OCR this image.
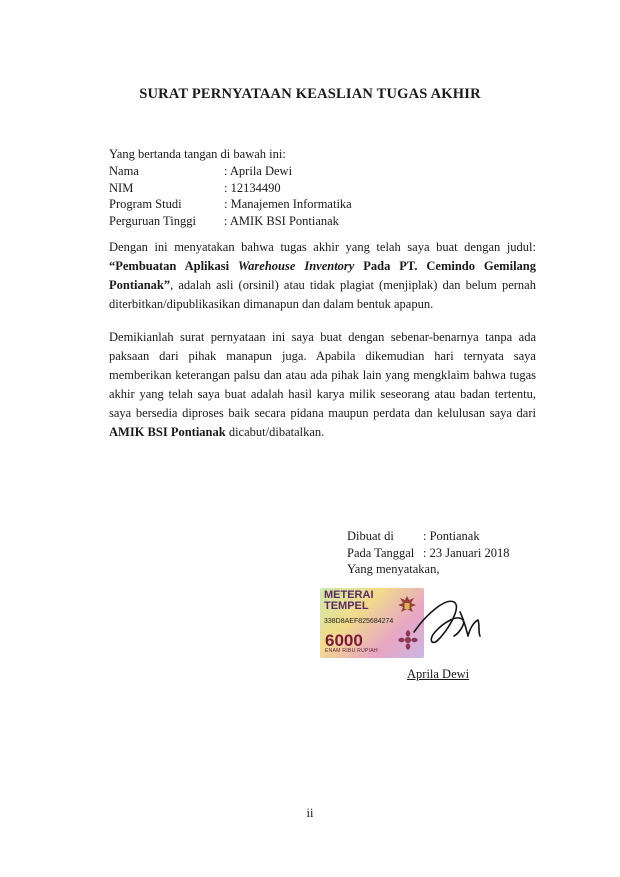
SURAT PERNYATAAN KEASLIAN TUGAS AKHIR
Yang bertanda tangan di bawah ini:
Nama	: Aprila Dewi
NIM	: 12134490
Program Studi	: Manajemen Informatika
Perguruan Tinggi : AMIK BSI Pontianak
Dengan ini menyatakan bahwa tugas akhir yang telah saya buat dengan judul: “Pembuatan Aplikasi Warehouse Inventory Pada PT. Cemindo Gemilang Pontianak”, adalah asli (orsinil) atau tidak plagiat (menjiplak) dan belum pernah diterbitkan/dipublikasikan dimanapun dan dalam bentuk apapun.
Demikianlah surat pernyataan ini saya buat dengan sebenar-benarnya tanpa ada paksaan dari pihak manapun juga. Apabila dikemudian hari ternyata saya memberikan keterangan palsu dan atau ada pihak lain yang mengklaim bahwa tugas akhir yang telah saya buat adalah hasil karya milik seseorang atau badan tertentu, saya bersedia diproses baik secara pidana maupun perdata dan kelulusan saya dari AMIK BSI Pontianak dicabut/dibatalkan.
Dibuat di : Pontianak
Pada Tanggal : 23 Januari 2018
Yang menyatakan,
METERAI
TEMPEL
338D8AEF825684274
6000
ENAM RIBU RUPIAH
Aprila Dewi
ii
